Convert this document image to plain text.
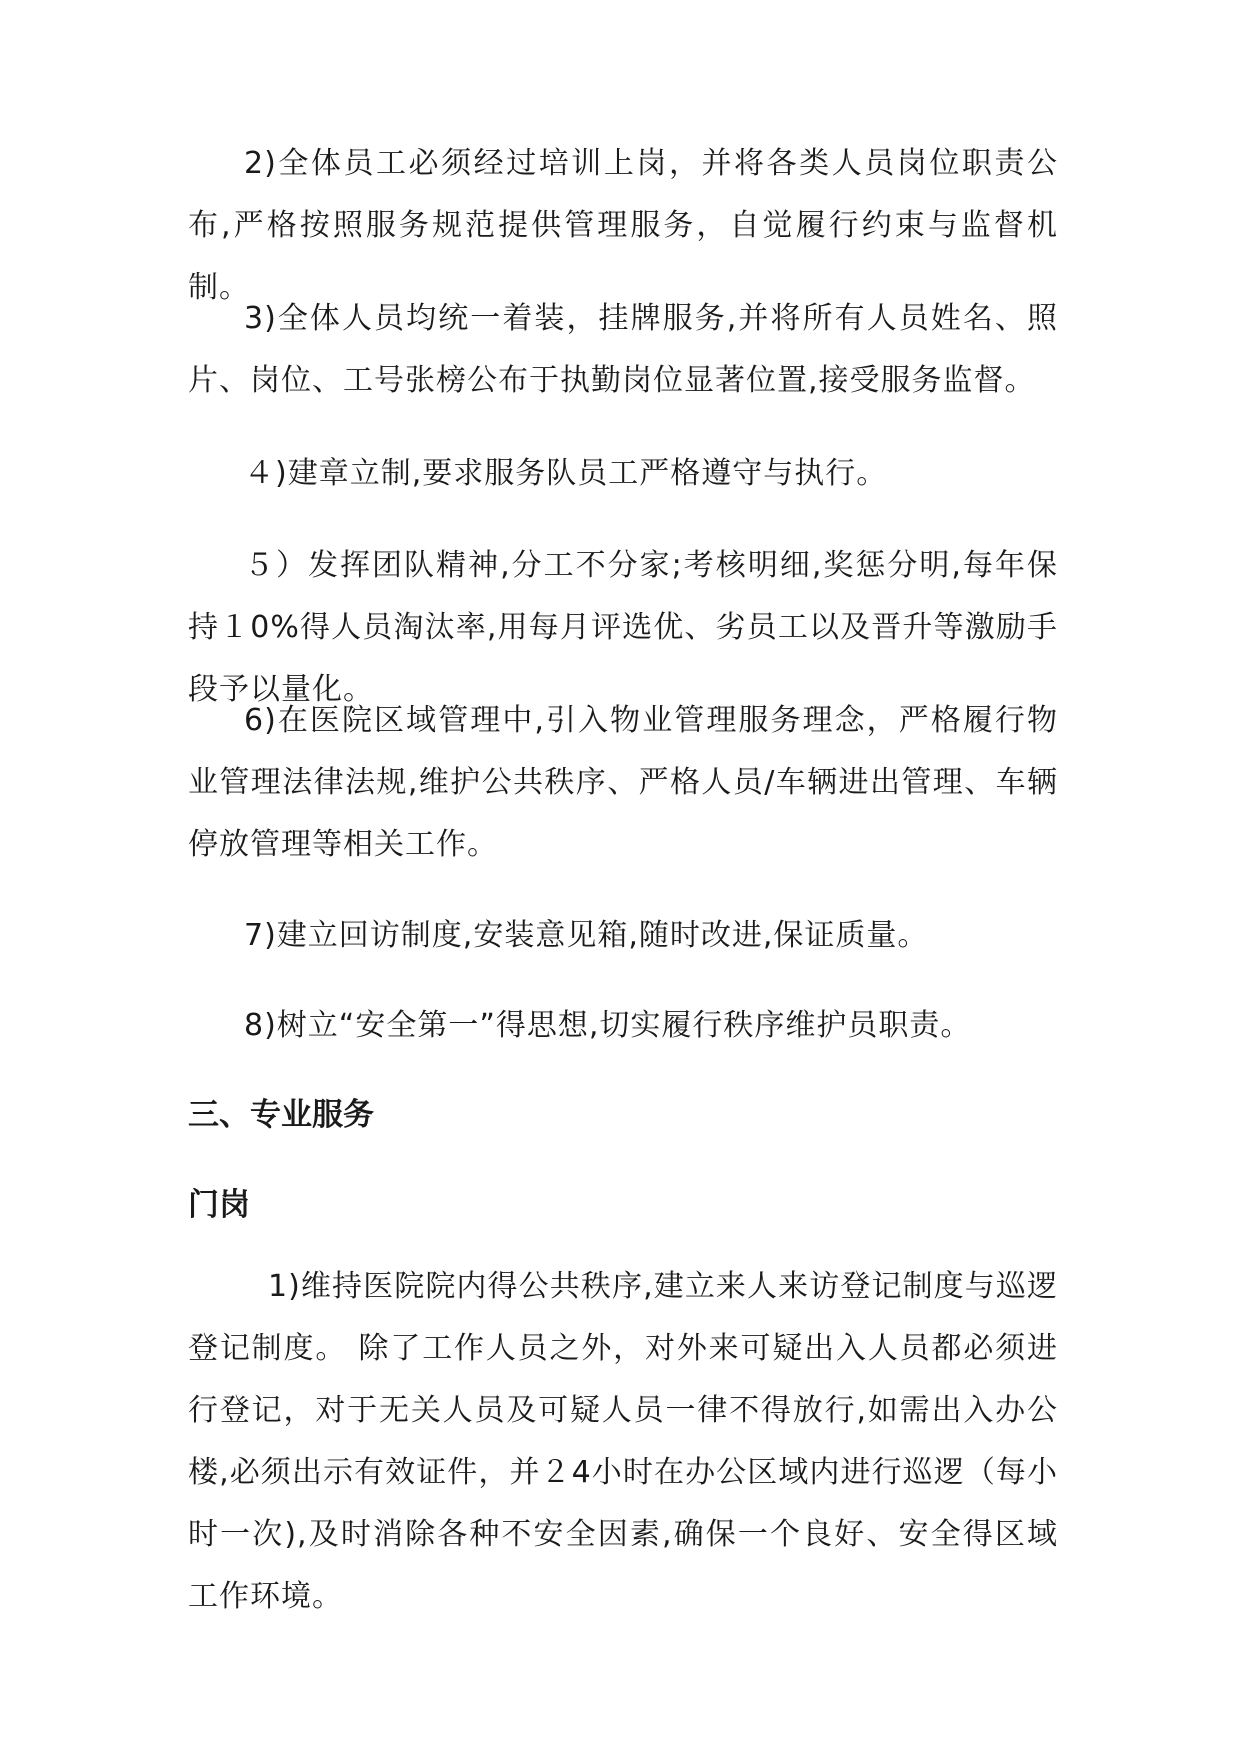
2)全体员工必须经过培训上岗，并将各类人员岗位职责公布,严格按照服务规范提供管理服务，自觉履行约束与监督机制。

3)全体人员均统一着装，挂牌服务,并将所有人员姓名、照片、岗位、工号张榜公布于执勤岗位显著位置,接受服务监督。

４)建章立制,要求服务队员工严格遵守与执行。

５）发挥团队精神,分工不分家;考核明细,奖惩分明,每年保持１0%得人员淘汰率,用每月评选优、劣员工以及晋升等激励手段予以量化。

6)在医院区域管理中,引入物业管理服务理念，严格履行物业管理法律法规,维护公共秩序、严格人员/车辆进出管理、车辆停放管理等相关工作。

7)建立回访制度,安装意见箱,随时改进,保证质量。

8)树立“安全第一”得思想,切实履行秩序维护员职责。

三、专业服务
门岗

1)维持医院院内得公共秩序,建立来人来访登记制度与巡逻登记制度。 除了工作人员之外，对外来可疑出入人员都必须进行登记，对于无关人员及可疑人员一律不得放行,如需出入办公楼,必须出示有效证件，并２4小时在办公区域内进行巡逻（每小时一次),及时消除各种不安全因素,确保一个良好、安全得区域工作环境。
